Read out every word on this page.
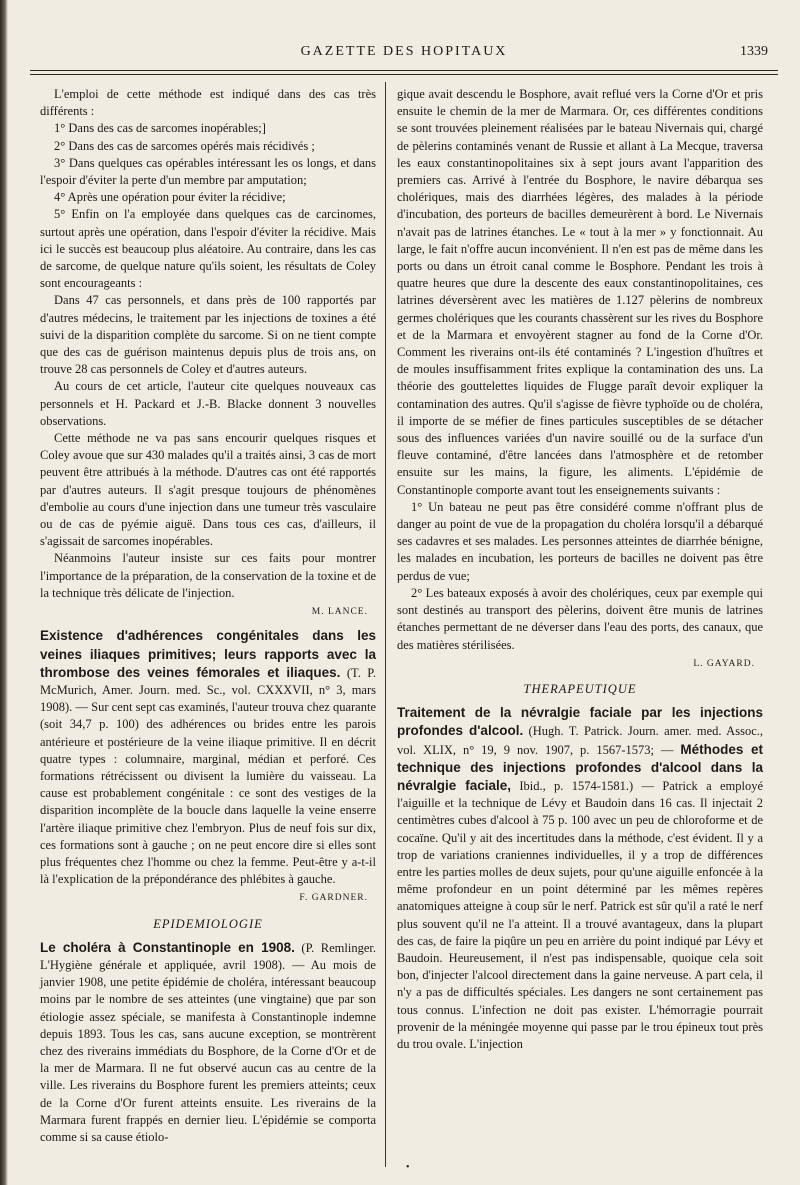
GAZETTE DES HOPITAUX	1339

L'emploi de cette méthode est indiqué dans des cas très différents :

1° Dans des cas de sarcomes inopérables;]

2° Dans des cas de sarcomes opérés mais récidivés ;

3° Dans quelques cas opérables intéressant les os longs, et dans l'espoir d'éviter la perte d'un membre par amputation;

4° Après une opération pour éviter la récidive;

5° Enfin on l'a employée dans quelques cas de carcinomes, surtout après une opération, dans l'espoir d'éviter la récidive. Mais ici le succès est beaucoup plus aléatoire. Au contraire, dans les cas de sarcome, de quelque nature qu'ils soient, les résultats de Coley sont encourageants :

Dans 47 cas personnels, et dans près de 100 rapportés par d'autres médecins, le traitement par les injections de toxines a été suivi de la disparition complète du sarcome. Si on ne tient compte que des cas de guérison maintenus depuis plus de trois ans, on trouve 28 cas personnels de Coley et d'autres auteurs.

Au cours de cet article, l'auteur cite quelques nouveaux cas personnels et H. Packard et J.-B. Blacke donnent 3 nouvelles observations.

Cette méthode ne va pas sans encourir quelques risques et Coley avoue que sur 430 malades qu'il a traités ainsi, 3 cas de mort peuvent être attribués à la méthode. D'autres cas ont été rapportés par d'autres auteurs. Il s'agit presque toujours de phénomènes d'embolie au cours d'une injection dans une tumeur très vasculaire ou de cas de pyémie aiguë. Dans tous ces cas, d'ailleurs, il s'agissait de sarcomes inopérables.

Néanmoins l'auteur insiste sur ces faits pour montrer l'importance de la préparation, de la conservation de la toxine et de la technique très délicate de l'injection.

M. LANCE.

Existence d'adhérences congénitales dans les veines iliaques primitives; leurs rapports avec la thrombose des veines fémorales et iliaques. (T. P. McMurich, Amer. Journ. med. Sc., vol. CXXXVII, n° 3, mars 1908). — Sur cent sept cas examinés, l'auteur trouva chez quarante (soit 34,7 p. 100) des adhérences ou brides entre les parois antérieure et postérieure de la veine iliaque primitive. Il en décrit quatre types : columnaire, marginal, médian et perforé. Ces formations rétrécissent ou divisent la lumière du vaisseau. La cause est probablement congénitale : ce sont des vestiges de la disparition incomplète de la boucle dans laquelle la veine enserre l'artère iliaque primitive chez l'embryon. Plus de neuf fois sur dix, ces formations sont à gauche ; on ne peut encore dire si elles sont plus fréquentes chez l'homme ou chez la femme. Peut-être y a-t-il là l'explication de la prépondérance des phlébites à gauche.

F. GARDNER.

EPIDEMIOLOGIE

Le choléra à Constantinople en 1908. (P. Remlinger. L'Hygiène générale et appliquée, avril 1908). — Au mois de janvier 1908, une petite épidémie de choléra, intéressant beaucoup moins par le nombre de ses atteintes (une vingtaine) que par son étiologie assez spéciale, se manifesta à Constantinople indemne depuis 1893. Tous les cas, sans aucune exception, se montrèrent chez des riverains immédiats du Bosphore, de la Corne d'Or et de la mer de Marmara. Il ne fut observé aucun cas au centre de la ville. Les riverains du Bosphore furent les premiers atteints; ceux de la Corne d'Or furent atteints ensuite. Les riverains de la Marmara furent frappés en dernier lieu. L'épidémie se comporta comme si sa cause étiolo-

gique avait descendu le Bosphore, avait reflué vers la Corne d'Or et pris ensuite le chemin de la mer de Marmara. Or, ces différentes conditions se sont trouvées pleinement réalisées par le bateau Nivernais qui, chargé de pèlerins contaminés venant de Russie et allant à La Mecque, traversa les eaux constantinopolitaines six à sept jours avant l'apparition des premiers cas. Arrivé à l'entrée du Bosphore, le navire débarqua ses cholériques, mais des diarrhées légères, des malades à la période d'incubation, des porteurs de bacilles demeurèrent à bord. Le Nivernais n'avait pas de latrines étanches. Le « tout à la mer » y fonctionnait. Au large, le fait n'offre aucun inconvénient. Il n'en est pas de même dans les ports ou dans un étroit canal comme le Bosphore. Pendant les trois à quatre heures que dure la descente des eaux constantinopolitaines, ces latrines déversèrent avec les matières de 1.127 pèlerins de nombreux germes cholériques que les courants chassèrent sur les rives du Bosphore et de la Marmara et envoyèrent stagner au fond de la Corne d'Or. Comment les riverains ont-ils été contaminés ? L'ingestion d'huîtres et de moules insuffisamment frites explique la contamination des uns. La théorie des gouttelettes liquides de Flugge paraît devoir expliquer la contamination des autres. Qu'il s'agisse de fièvre typhoïde ou de choléra, il importe de se méfier de fines particules susceptibles de se détacher sous des influences variées d'un navire souillé ou de la surface d'un fleuve contaminé, d'être lancées dans l'atmosphère et de retomber ensuite sur les mains, la figure, les aliments. L'épidémie de Constantinople comporte avant tout les enseignements suivants :

1° Un bateau ne peut pas être considéré comme n'offrant plus de danger au point de vue de la propagation du choléra lorsqu'il a débarqué ses cadavres et ses malades. Les personnes atteintes de diarrhée bénigne, les malades en incubation, les porteurs de bacilles ne doivent pas être perdus de vue;

2° Les bateaux exposés à avoir des cholériques, ceux par exemple qui sont destinés au transport des pèlerins, doivent être munis de latrines étanches permettant de ne déverser dans l'eau des ports, des canaux, que des matières stérilisées.

L. GAYARD.

THERAPEUTIQUE

Traitement de la névralgie faciale par les injections profondes d'alcool. (Hugh. T. Patrick. Journ. amer. med. Assoc., vol. XLIX, n° 19, 9 nov. 1907, p. 1567-1573; — Méthodes et technique des injections profondes d'alcool dans la névralgie faciale, Ibid., p. 1574-1581.) — Patrick a employé l'aiguille et la technique de Lévy et Baudoin dans 16 cas. Il injectait 2 centimètres cubes d'alcool à 75 p. 100 avec un peu de chloroforme et de cocaïne. Qu'il y ait des incertitudes dans la méthode, c'est évident. Il y a trop de variations craniennes individuelles, il y a trop de différences entre les parties molles de deux sujets, pour qu'une aiguille enfoncée à la même profondeur en un point déterminé par les mêmes repères anatomiques atteigne à coup sûr le nerf. Patrick est sûr qu'il a raté le nerf plus souvent qu'il ne l'a atteint. Il a trouvé avantageux, dans la plupart des cas, de faire la piqûre un peu en arrière du point indiqué par Lévy et Baudoin. Heureusement, il n'est pas indispensable, quoique cela soit bon, d'injecter l'alcool directement dans la gaine nerveuse. A part cela, il n'y a pas de difficultés spéciales. Les dangers ne sont certainement pas tous connus. L'infection ne doit pas exister. L'hémorragie pourrait provenir de la méningée moyenne qui passe par le trou épineux tout près du trou ovale. L'injection

•
